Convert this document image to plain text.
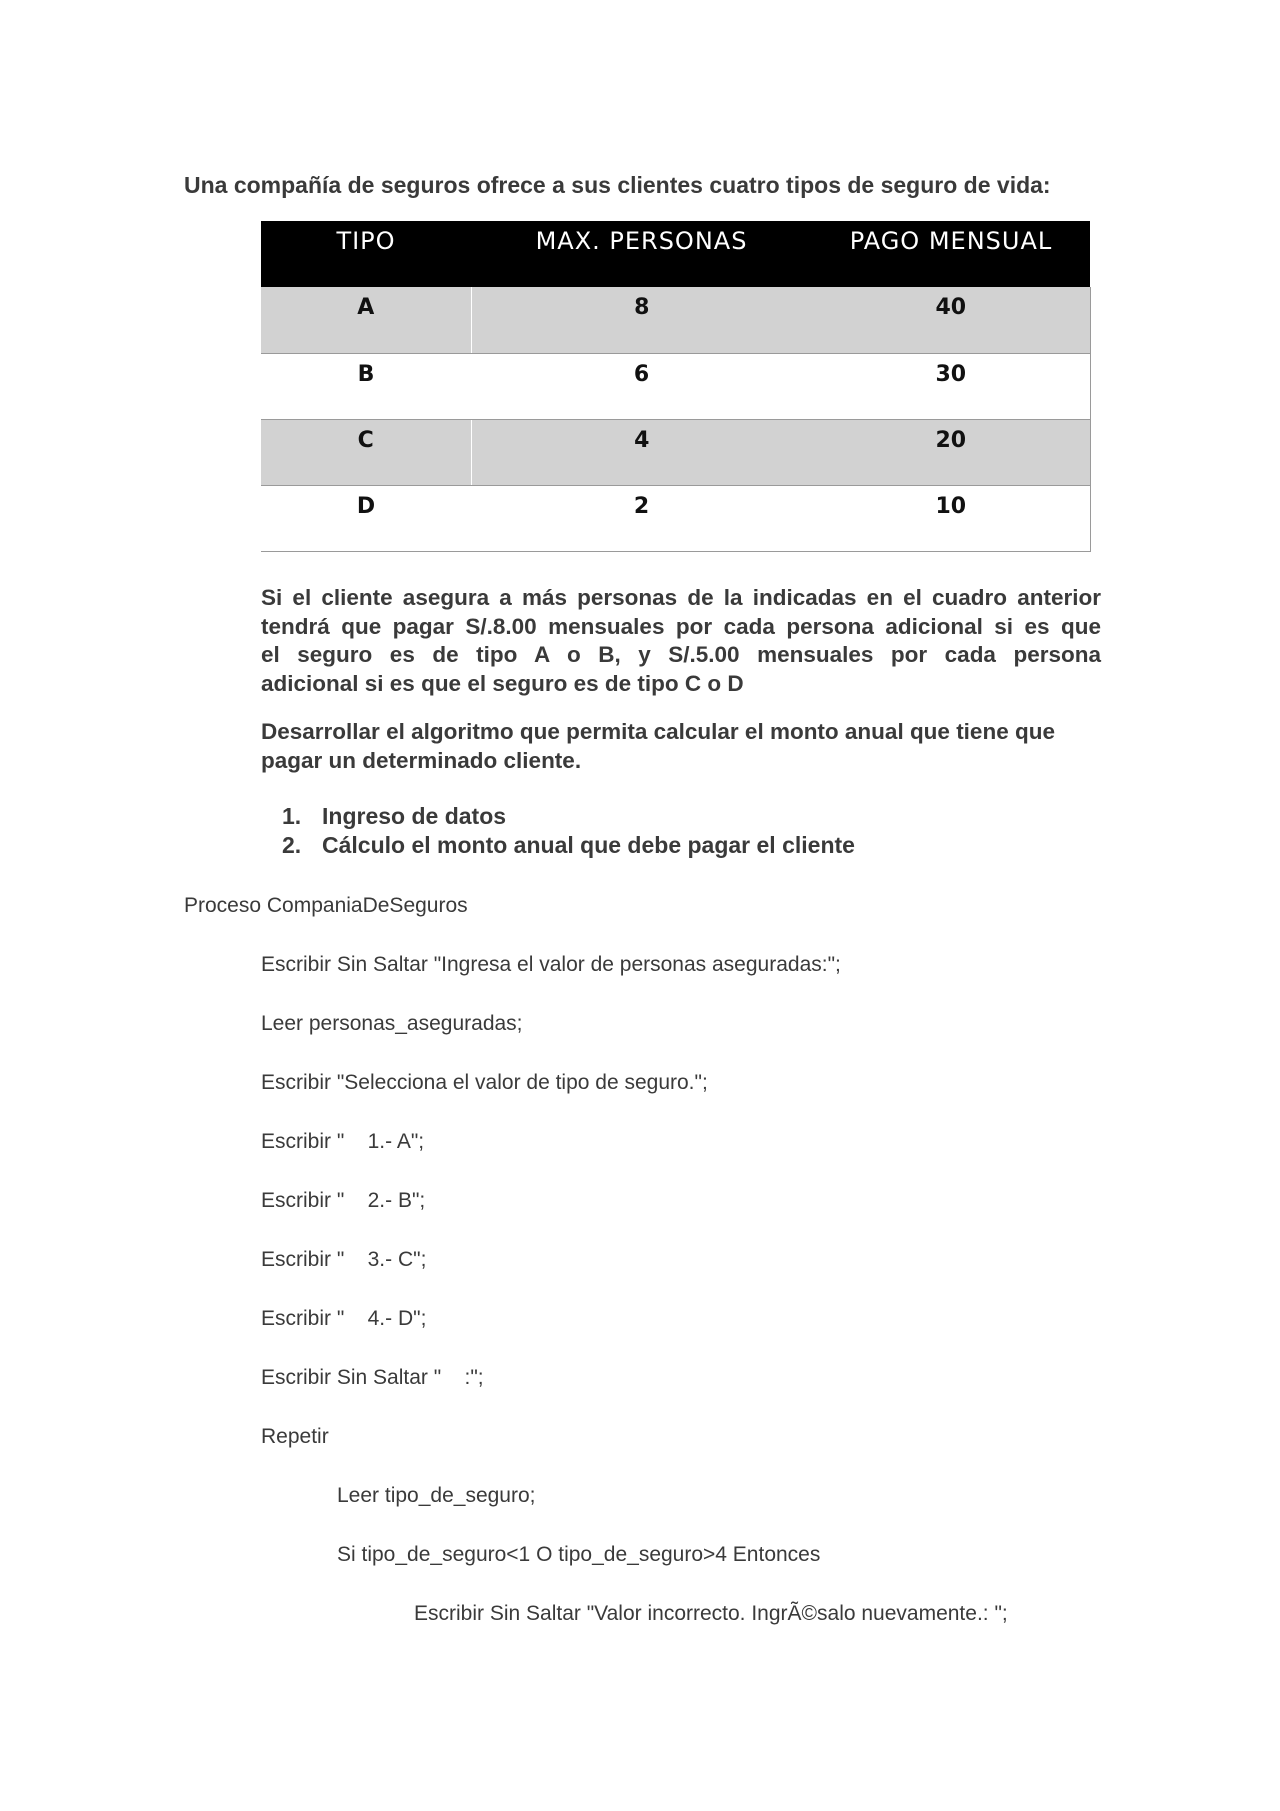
Una compañía de seguros ofrece a sus clientes cuatro tipos de seguro de vida:
TIPO	MAX. PERSONAS	PAGO MENSUAL
A	8	40
B	6	30
C	4	20
D	2	10
Si el cliente asegura a más personas de la indicadas en el cuadro anterior
tendrá que pagar S/.8.00 mensuales por cada persona adicional si es que
el seguro es de tipo A o B, y S/.5.00 mensuales por cada persona
adicional si es que el seguro es de tipo C o D
Desarrollar el algoritmo que permita calcular el monto anual que tiene que
pagar un determinado cliente.
1. Ingreso de datos
2. Cálculo el monto anual que debe pagar el cliente
Proceso CompaniaDeSeguros
Escribir Sin Saltar "Ingresa el valor de personas aseguradas:";
Leer personas_aseguradas;
Escribir "Selecciona el valor de tipo de seguro.";
Escribir "    1.- A";
Escribir "    2.- B";
Escribir "    3.- C";
Escribir "    4.- D";
Escribir Sin Saltar "    :";
Repetir
Leer tipo_de_seguro;
Si tipo_de_seguro<1 O tipo_de_seguro>4 Entonces
Escribir Sin Saltar "Valor incorrecto. IngrÃ©salo nuevamente.: ";
